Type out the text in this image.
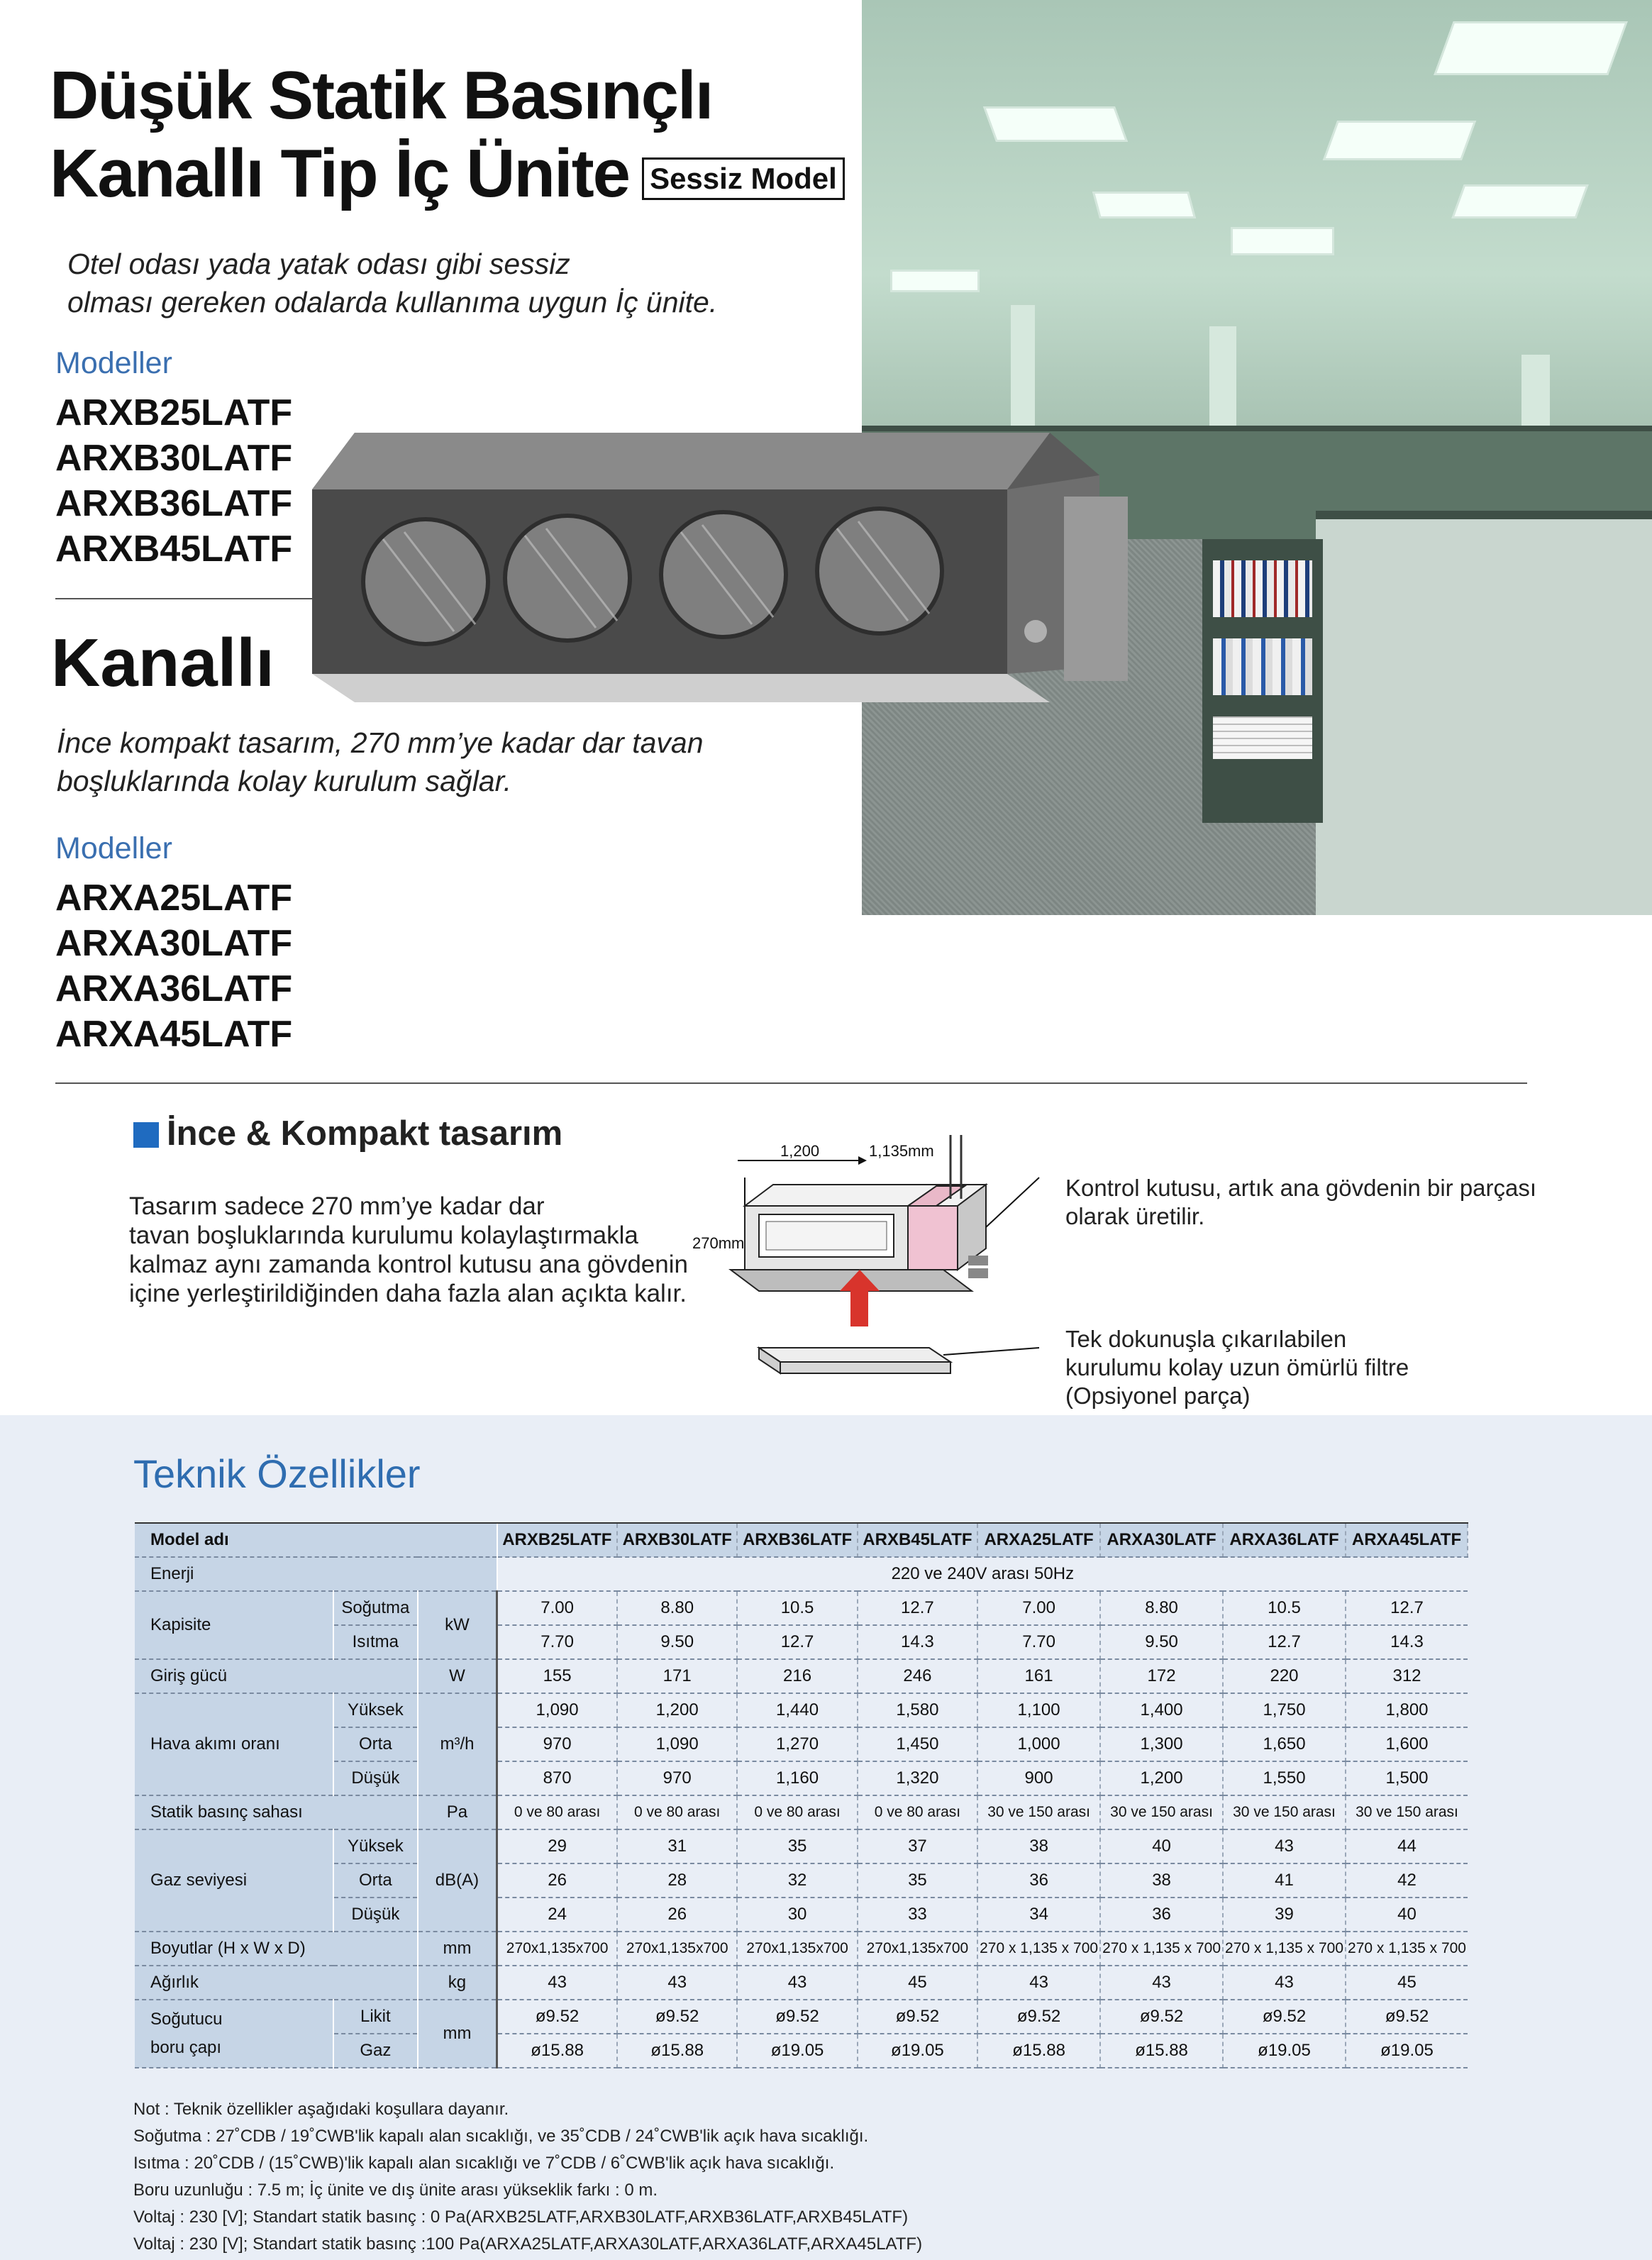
Düşük Statik Basınçlı
Kanallı Tip İç Ünite Sessiz Model
Otel odası yada yatak odası gibi sessiz
olması gereken odalarda kullanıma uygun İç ünite.
Modeller
ARXB25LATF
ARXB30LATF
ARXB36LATF
ARXB45LATF
Kanallı
İnce kompakt tasarım, 270 mm’ye kadar dar tavan
boşluklarında kolay kurulum sağlar.
Modeller
ARXA25LATF
ARXA30LATF
ARXA36LATF
ARXA45LATF
İnce & Kompakt tasarım
Tasarım sadece 270 mm’ye kadar dar
tavan boşluklarında kurulumu kolaylaştırmakla
kalmaz aynı zamanda kontrol kutusu ana gövdenin
içine yerleştirildiğinden daha fazla alan açıkta kalır.
1,200	1,135mm
270mm
Kontrol kutusu, artık ana gövdenin bir parçası
olarak üretilir.
Tek dokunuşla çıkarılabilen
kurulumu kolay uzun ömürlü filtre
(Opsiyonel parça)
Teknik Özellikler
Model adı			ARXB25LATF	ARXB30LATF	ARXB36LATF	ARXB45LATF	ARXA25LATF	ARXA30LATF	ARXA36LATF	ARXA45LATF
Enerji			220 ve 240V arası 50Hz							
Kapisite	Soğutma	kW	7.00	8.80	10.5	12.7	7.00	8.80	10.5	12.7
	Isıtma		7.70	9.50	12.7	14.3	7.70	9.50	12.7	14.3
Giriş gücü		W	155	171	216	246	161	172	220	312
Hava akımı oranı	Yüksek	m³/h	1,090	1,200	1,440	1,580	1,100	1,400	1,750	1,800
	Orta		970	1,090	1,270	1,450	1,000	1,300	1,650	1,600
	Düşük		870	970	1,160	1,320	900	1,200	1,550	1,500
Statik basınç sahası		Pa	0 ve 80 arası	0 ve 80 arası	0 ve 80 arası	0 ve 80 arası	30 ve 150 arası	30 ve 150 arası	30 ve 150 arası	30 ve 150 arası
Gaz seviyesi	Yüksek	dB(A)	29	31	35	37	38	40	43	44
	Orta		26	28	32	35	36	38	41	42
	Düşük		24	26	30	33	34	36	39	40
Boyutlar (H x W x D)		mm	270x1,135x700	270x1,135x700	270x1,135x700	270x1,135x700	270 x 1,135 x 700	270 x 1,135 x 700	270 x 1,135 x 700	270 x 1,135 x 700
Ağırlık		kg	43	43	43	45	43	43	43	45

Soğutucu
boru çapı	Likit	mm	ø9.52	ø9.52	ø9.52	ø9.52	ø9.52	ø9.52	ø9.52	ø9.52
	Gaz		ø15.88	ø15.88	ø19.05	ø19.05	ø15.88	ø15.88	ø19.05	ø19.05
Not : Teknik özellikler aşağıdaki koşullara dayanır.
Soğutma : 27˚CDB / 19˚CWB'lik kapalı alan sıcaklığı, ve 35˚CDB / 24˚CWB'lik açık hava sıcaklığı.
Isıtma : 20˚CDB / (15˚CWB)'lik kapalı alan sıcaklığı ve 7˚CDB / 6˚CWB'lik açık hava sıcaklığı.
Boru uzunluğu : 7.5 m; İç ünite ve dış ünite arası yükseklik farkı : 0 m.
Voltaj : 230 [V]; Standart statik basınç : 0 Pa(ARXB25LATF,ARXB30LATF,ARXB36LATF,ARXB45LATF)
Voltaj : 230 [V]; Standart statik basınç :100 Pa(ARXA25LATF,ARXA30LATF,ARXA36LATF,ARXA45LATF)
